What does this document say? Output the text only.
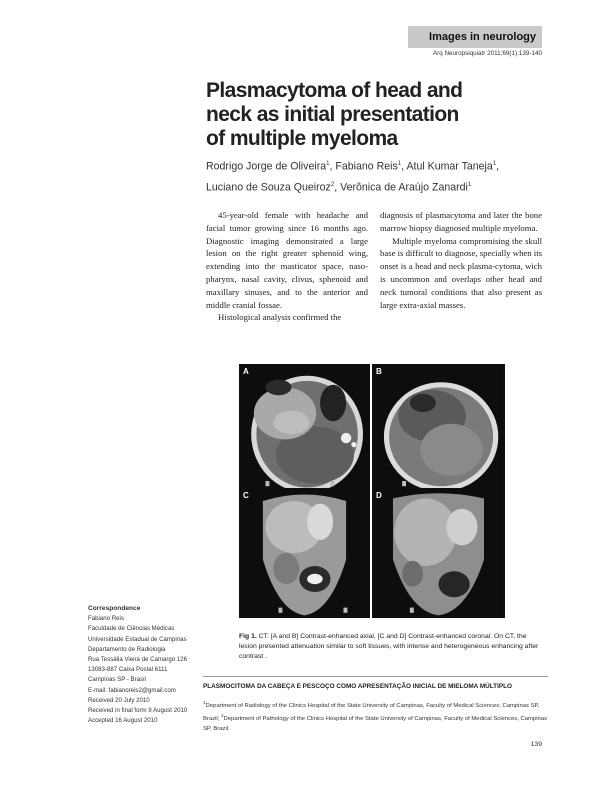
Images in neurology
Arq Neuropsiquiatr 2011;69(1):139-140
Plasmacytoma of head and
neck as initial presentation
of multiple myeloma
Rodrigo Jorge de Oliveira$^1$, Fabiano Reis$^1$, Atul Kumar Taneja$^1$,
Luciano de Souza Queiroz$^2$, Verônica de Araújo Zanardi$^1$

45-year-old female with headache and facial tumor growing since 16 months ago. Diagnostic imaging demonstrated a large lesion on the right greater sphenoid wing, extending into the masticator space, naso-pharynx, nasal cavity, clivus, sphenoid and maxillary sinuses, and to the anterior and middle cranial fossae.

Histological analysis confirmed the

diagnosis of plasmacytoma and later the bone marrow biopsy diagnosed multiple myeloma.

Multiple myeloma compromising the skull base is difficult to diagnose, specially when its onset is a head and neck plasma-cytoma, wich is uncommon and overlaps other head and neck tumoral conditions that also present as large extra-axial masses.

A	B
C	D
Fig 1. CT: [A and B] Contrast-enhanced axial, [C and D] Contrast-enhanced coronal. On CT, the lesion presented attenuation similar to soft tissues, with intense and heterogeneous enhancing after contrast .
Correspondence
Fabiano Reis
Faculdade de Ciências Médicas
Universidade Estadual de Campinas
Departamento de Radiologia
Rua Tessália Vieira de Camargo 126
13083-887 Caixa Postal 6111
Campinas SP - Brasil
E-mail: fabianoreis2@gmail.com
Received 20 July 2010
Received in final form 9 August 2010
Accepted 16 August 2010
PLASMOCITOMA DA CABEÇA E PESCOÇO COMO APRESENTAÇÃO INICIAL DE MIELOMA MÚLTIPLO
$^1$Department of Radiology of the Clinics Hospital of the State University of Campinas, Faculty of Medical Sciences, Campinas SP, Brazil; $^2$Department of Pathology of the Clinics Hospital of the State University of Campinas, Faculty of Medical Sciences, Campinas SP, Brazil.
139
